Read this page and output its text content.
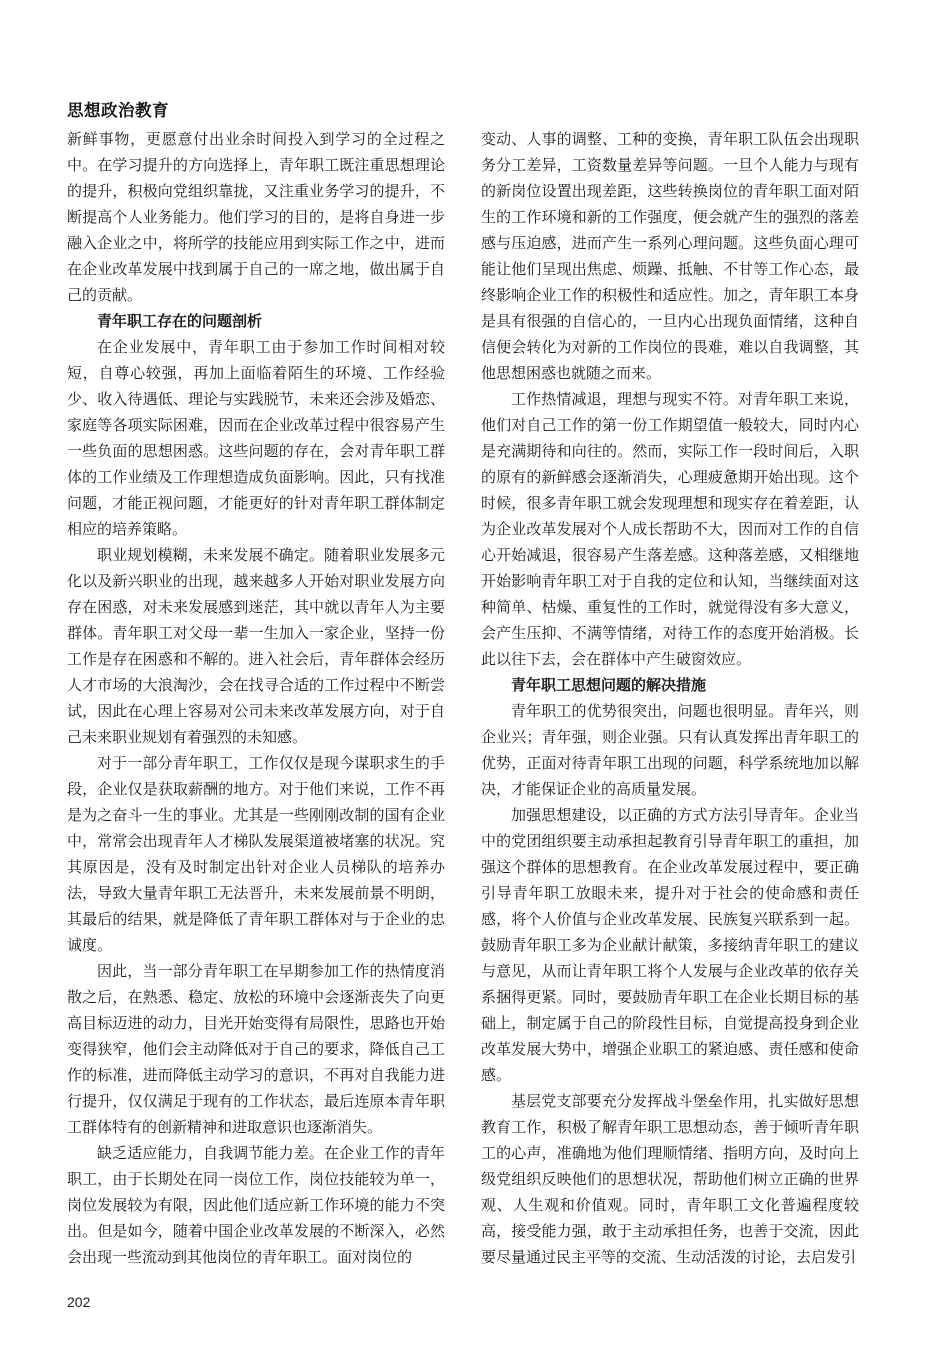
思想政治教育

新鲜事物，更愿意付出业余时间投入到学习的全过程之中。在学习提升的方向选择上，青年职工既注重思想理论的提升，积极向党组织靠拢，又注重业务学习的提升，不断提高个人业务能力。他们学习的目的，是将自身进一步融入企业之中，将所学的技能应用到实际工作之中，进而在企业改革发展中找到属于自己的一席之地，做出属于自己的贡献。

青年职工存在的问题剖析

在企业发展中，青年职工由于参加工作时间相对较短，自尊心较强，再加上面临着陌生的环境、工作经验少、收入待遇低、理论与实践脱节，未来还会涉及婚恋、家庭等各项实际困难，因而在企业改革过程中很容易产生一些负面的思想困惑。这些问题的存在，会对青年职工群体的工作业绩及工作理想造成负面影响。因此，只有找准问题，才能正视问题，才能更好的针对青年职工群体制定相应的培养策略。

职业规划模糊，未来发展不确定。随着职业发展多元化以及新兴职业的出现，越来越多人开始对职业发展方向存在困惑，对未来发展感到迷茫，其中就以青年人为主要群体。青年职工对父母一辈一生加入一家企业，坚持一份工作是存在困惑和不解的。进入社会后，青年群体会经历人才市场的大浪淘沙，会在找寻合适的工作过程中不断尝试，因此在心理上容易对公司未来改革发展方向，对于自己未来职业规划有着强烈的未知感。

对于一部分青年职工，工作仅仅是现今谋职求生的手段，企业仅是获取薪酬的地方。对于他们来说，工作不再是为之奋斗一生的事业。尤其是一些刚刚改制的国有企业中，常常会出现青年人才梯队发展渠道被堵塞的状况。究其原因是，没有及时制定出针对企业人员梯队的培养办法，导致大量青年职工无法晋升，未来发展前景不明朗，其最后的结果，就是降低了青年职工群体对与于企业的忠诚度。

因此，当一部分青年职工在早期参加工作的热情度消散之后，在熟悉、稳定、放松的环境中会逐渐丧失了向更高目标迈进的动力，目光开始变得有局限性，思路也开始变得狭窄，他们会主动降低对于自己的要求，降低自己工作的标准，进而降低主动学习的意识，不再对自我能力进行提升，仅仅满足于现有的工作状态，最后连原本青年职工群体特有的创新精神和进取意识也逐渐消失。

缺乏适应能力，自我调节能力差。在企业工作的青年职工，由于长期处在同一岗位工作，岗位技能较为单一，岗位发展较为有限，因此他们适应新工作环境的能力不突出。但是如今，随着中国企业改革发展的不断深入，必然会出现一些流动到其他岗位的青年职工。面对岗位的

变动、人事的调整、工种的变换，青年职工队伍会出现职务分工差异，工资数量差异等问题。一旦个人能力与现有的新岗位设置出现差距，这些转换岗位的青年职工面对陌生的工作环境和新的工作强度，便会就产生的强烈的落差感与压迫感，进而产生一系列心理问题。这些负面心理可能让他们呈现出焦虑、烦躁、抵触、不甘等工作心态，最终影响企业工作的积极性和适应性。加之，青年职工本身是具有很强的自信心的，一旦内心出现负面情绪，这种自信便会转化为对新的工作岗位的畏难，难以自我调整，其他思想困惑也就随之而来。

工作热情减退，理想与现实不符。对青年职工来说，他们对自己工作的第一份工作期望值一般较大，同时内心是充满期待和向往的。然而，实际工作一段时间后，入职的原有的新鲜感会逐渐消失，心理疲惫期开始出现。这个时候，很多青年职工就会发现理想和现实存在着差距，认为企业改革发展对个人成长帮助不大，因而对工作的自信心开始减退，很容易产生落差感。这种落差感，又相继地开始影响青年职工对于自我的定位和认知，当继续面对这种简单、枯燥、重复性的工作时，就觉得没有多大意义，会产生压抑、不满等情绪，对待工作的态度开始消极。长此以往下去，会在群体中产生破窗效应。

青年职工思想问题的解决措施

青年职工的优势很突出，问题也很明显。青年兴，则企业兴；青年强，则企业强。只有认真发挥出青年职工的优势，正面对待青年职工出现的问题，科学系统地加以解决，才能保证企业的高质量发展。

加强思想建设，以正确的方式方法引导青年。企业当中的党团组织要主动承担起教育引导青年职工的重担，加强这个群体的思想教育。在企业改革发展过程中，要正确引导青年职工放眼未来，提升对于社会的使命感和责任感，将个人价值与企业改革发展、民族复兴联系到一起。鼓励青年职工多为企业献计献策，多接纳青年职工的建议与意见，从而让青年职工将个人发展与企业改革的依存关系捆得更紧。同时，要鼓励青年职工在企业长期目标的基础上，制定属于自己的阶段性目标，自觉提高投身到企业改革发展大势中，增强企业职工的紧迫感、责任感和使命感。

基层党支部要充分发挥战斗堡垒作用，扎实做好思想教育工作，积极了解青年职工思想动态，善于倾听青年职工的心声，准确地为他们理顺情绪、指明方向，及时向上级党组织反映他们的思想状况，帮助他们树立正确的世界观、人生观和价值观。同时，青年职工文化普遍程度较高，接受能力强，敢于主动承担任务，也善于交流，因此要尽量通过民主平等的交流、生动活泼的讨论，去启发引

202
